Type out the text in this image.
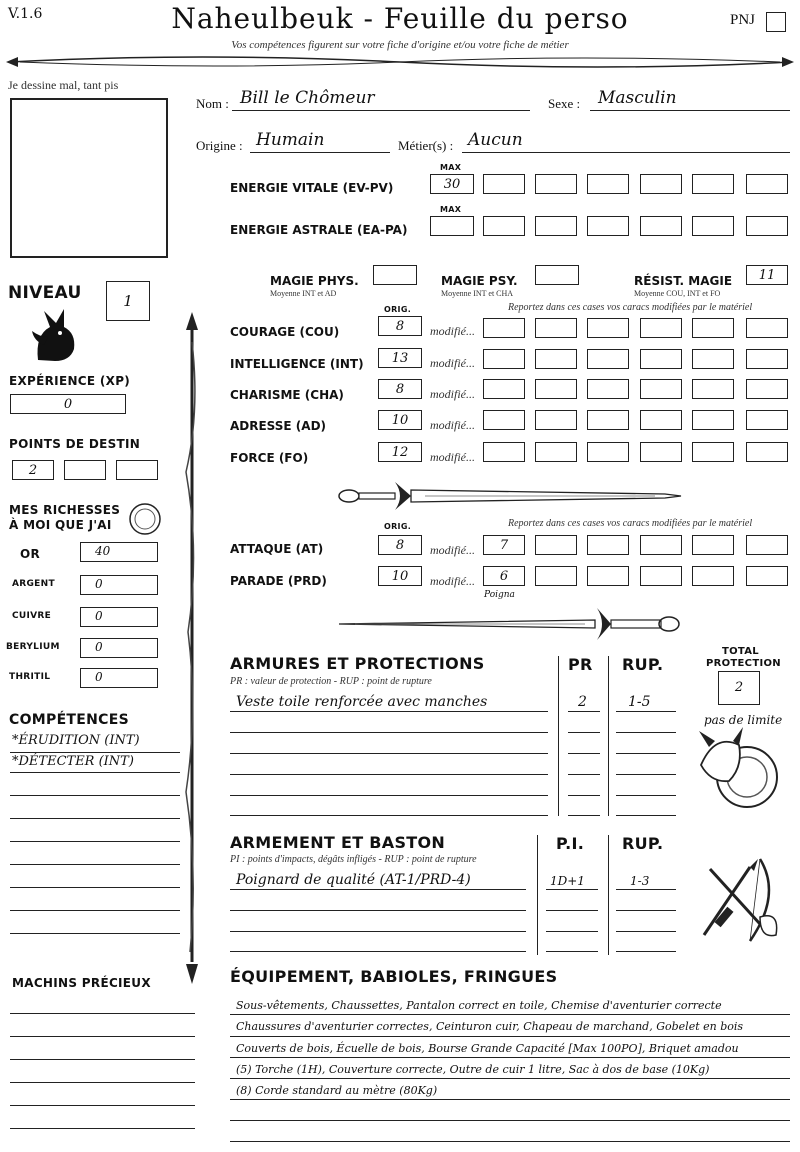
V.1.6	Naheulbeuk - Feuille du perso	PNJ
Vos compétences figurent sur votre fiche d'origine et/ou votre fiche de métier
Je dessine mal, tant pis
Nom : Bill le Chômeur	Sexe : Masculin
Origine : Humain	Métier(s) : Aucun
MAX
ENERGIE VITALE (EV-PV)	30
MAX
ENERGIE ASTRALE (EA-PA)
MAGIE PHYS.
Moyenne INT et AD
MAGIE PSY.
Moyenne INT et CHA
RÉSIST. MAGIE
Moyenne COU, INT et FO
11
NIVEAU	1
EXPÉRIENCE (XP)
0
POINTS DE DESTIN
2
MES RICHESSES
À MOI QUE J'AI
OR	40
ARGENT	0
CUIVRE	0
BERYLIUM	0
THRITIL	0
COMPÉTENCES
*ÉRUDITION (INT)
*DÉTECTER (INT)
MACHINS PRÉCIEUX
ORIG.	Reportez dans ces cases vos caracs modifiées par le matériel
COURAGE (COU)	8	modifié...
INTELLIGENCE (INT)	13	modifié...
CHARISME (CHA)	8	modifié...
ADRESSE (AD)	10	modifié...
FORCE (FO)	12	modifié...
ORIG.	Reportez dans ces cases vos caracs modifiées par le matériel
ATTAQUE (AT)	8	modifié...	7
PARADE (PRD)	10	modifié...	6
Poigna
ARMURES ET PROTECTIONS
PR : valeur de protection - RUP : point de rupture
PR RUP.
Veste toile renforcée avec manches	2	1-5
TOTAL
PROTECTION
2
pas de limite
ARMEMENT ET BASTON
PI : points d'impacts, dégâts infligés - RUP : point de rupture
P.I. RUP.
Poignard de qualité (AT-1/PRD-4)	1D+1	1-3
ÉQUIPEMENT, BABIOLES, FRINGUES
Sous-vêtements, Chaussettes, Pantalon correct en toile, Chemise d'aventurier correcte
Chaussures d'aventurier correctes, Ceinturon cuir, Chapeau de marchand, Gobelet en bois
Couverts de bois, Écuelle de bois, Bourse Grande Capacité [Max 100PO], Briquet amadou
(5) Torche (1H), Couverture correcte, Outre de cuir 1 litre, Sac à dos de base (10Kg)
(8) Corde standard au mètre (80Kg)
